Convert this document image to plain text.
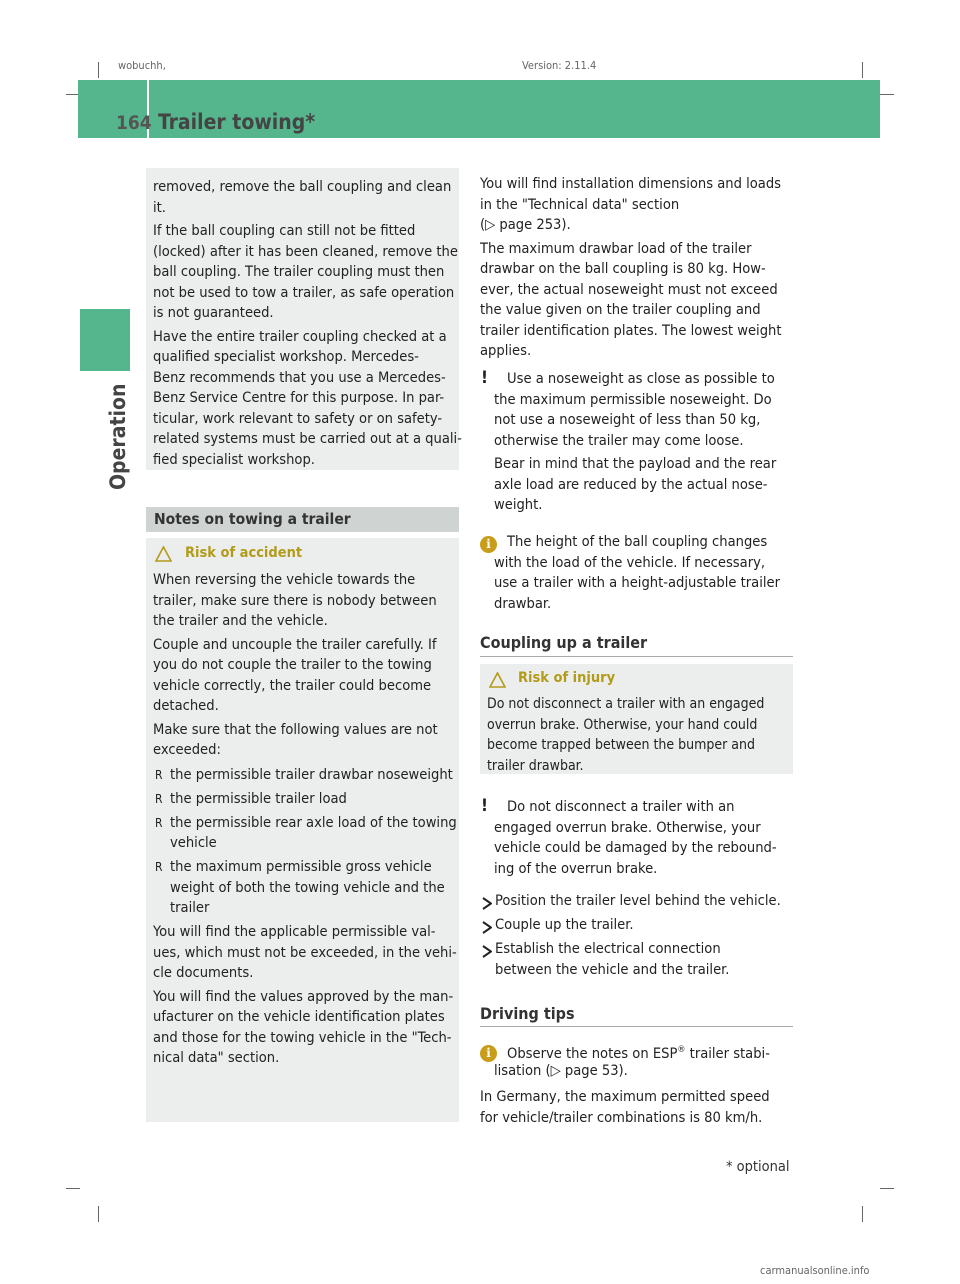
wobuchh,	Version: 2.11.4
164 Trailer towing*
Operation
Notes on towing a trailer
Risk of accident
Risk of injury
* optional
carmanualsonline.info
removed, remove the ball coupling and clean
it.
If the ball coupling can still not be fitted
(locked) after it has been cleaned, remove the
ball coupling. The trailer coupling must then
not be used to tow a trailer, as safe operation
is not guaranteed.
Have the entire trailer coupling checked at a
qualified specialist workshop. Mercedes-
Benz recommends that you use a Mercedes-
Benz Service Centre for this purpose. In par-
ticular, work relevant to safety or on safety-
related systems must be carried out at a quali-
fied specialist workshop.
When reversing the vehicle towards the
trailer, make sure there is nobody between
the trailer and the vehicle.
Couple and uncouple the trailer carefully. If
you do not couple the trailer to the towing
vehicle correctly, the trailer could become
detached.
Make sure that the following values are not
exceeded:
R the permissible trailer drawbar noseweight
R the permissible trailer load
R the permissible rear axle load of the towing
vehicle
R the maximum permissible gross vehicle
weight of both the towing vehicle and the
trailer
You will find the applicable permissible val-
ues, which must not be exceeded, in the vehi-
cle documents.
You will find the values approved by the man-
ufacturer on the vehicle identification plates
and those for the towing vehicle in the "Tech-
nical data" section.
You will find installation dimensions and loads
in the "Technical data" section
(▷ page 253).
The maximum drawbar load of the trailer
drawbar on the ball coupling is 80 kg. How-
ever, the actual noseweight must not exceed
the value given on the trailer coupling and
trailer identification plates. The lowest weight
applies.
! Use a noseweight as close as possible to
the maximum permissible noseweight. Do
not use a noseweight of less than 50 kg,
otherwise the trailer may come loose.
Bear in mind that the payload and the rear
axle load are reduced by the actual nose-
weight.
i	The height of the ball coupling changes
with the load of the vehicle. If necessary,
use a trailer with a height-adjustable trailer
drawbar.
Coupling up a trailer
Do not disconnect a trailer with an engaged
overrun brake. Otherwise, your hand could
become trapped between the bumper and
trailer drawbar.
! Do not disconnect a trailer with an
engaged overrun brake. Otherwise, your
vehicle could be damaged by the rebound-
ing of the overrun brake.
Position the trailer level behind the vehicle.
Couple up the trailer.
Establish the electrical connection
between the vehicle and the trailer.
Driving tips
i	Observe the notes on ESP® trailer stabi-
lisation (▷ page 53).
In Germany, the maximum permitted speed
for vehicle/trailer combinations is 80 km/h.
